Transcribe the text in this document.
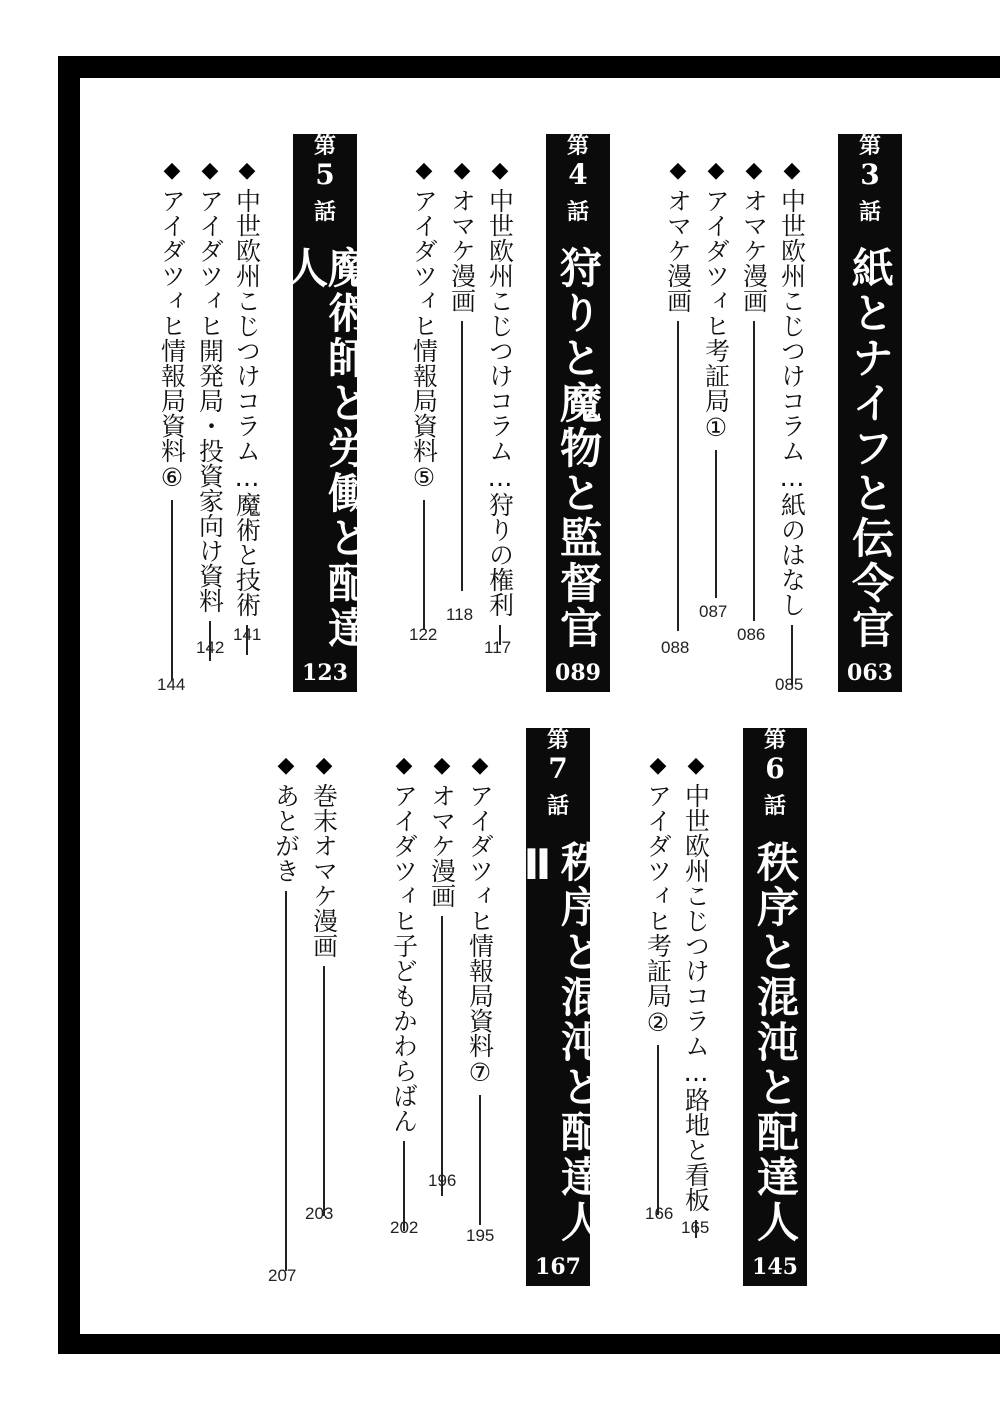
第
3
話
紙とナイフと伝令官
063
第
4
話
狩りと魔物と監督官
089
第
5
話
魔術師と労働と配達人
123
第
6
話
秩序と混沌と配達人
145
第
7
話
秩序と混沌と配達人Ⅱ
167
◆
中世欧州こじつけコラム…紙のはなし
085
◆
オマケ漫画
086
◆
アイダツィヒ考証局①
087
◆
オマケ漫画
088
◆
中世欧州こじつけコラム…狩りの権利
117
◆
オマケ漫画
118
◆
アイダツィヒ情報局資料⑤
122
◆
中世欧州こじつけコラム…魔術と技術
141
◆
アイダツィヒ開発局・投資家向け資料
142
◆
アイダツィヒ情報局資料⑥
144
◆
中世欧州こじつけコラム…路地と看板
165
◆
アイダツィヒ考証局②
166
◆
アイダツィヒ情報局資料⑦
195
◆
オマケ漫画
196
◆
アイダツィヒ子どもかわらばん
202
◆
巻末オマケ漫画
203
◆
あとがき
207
